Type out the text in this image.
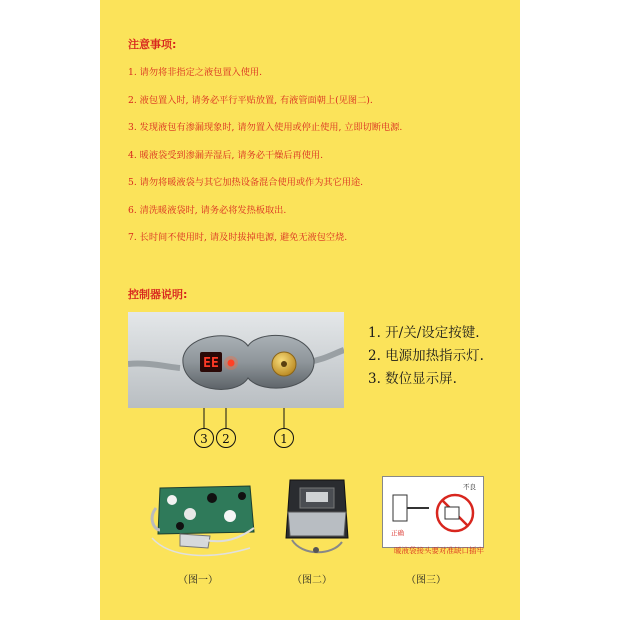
注意事项:
1. 请勿将非指定之液包置入使用.
2. 液包置入时, 请务必平行平贴放置, 有液管面朝上(见图二).
3. 发现液包有渗漏现象时, 请勿置入使用或停止使用, 立即切断电源.
4. 暖液袋受到渗漏弄湿后, 请务必干燥后再使用.
5. 请勿将暖液袋与其它加热设备混合使用或作为其它用途.
6. 清洗暖液袋时, 请务必将发热板取出.
7. 长时间不使用时, 请及时拔掉电源, 避免无液包空烧.
控制器说明:
EE
3	2	1
1. 开/关/设定按键.
2. 电源加热指示灯.
3. 数位显示屏.
（图一）	（图二）
正确
不良
暖液袋接头要对准缺口插牢
（图三）
